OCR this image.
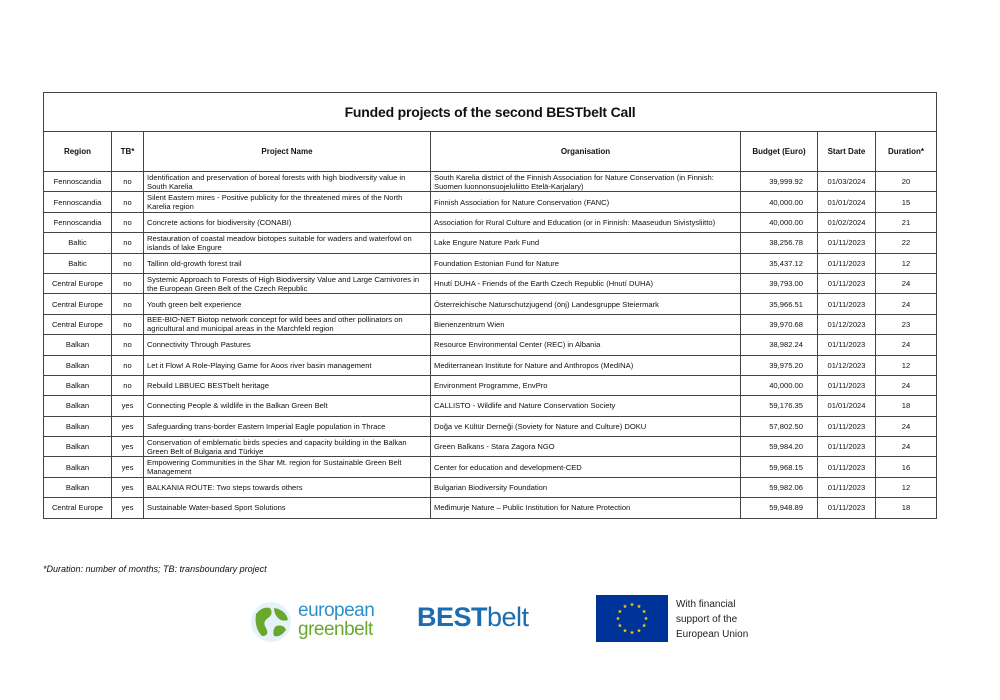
Funded projects of the second BESTbelt Call						
Region	TB*	Project Name	Organisation	Budget (Euro)	Start Date	Duration*
Fennoscandia	no	Identification and preservation of boreal forests with high biodiversity value in South Karelia	South Karelia district of the Finnish Association for Nature Conservation (in Finnish: Suomen luonnonsuojeluliitto Etelä-Karjalary)	39,999.92	01/03/2024	20
Fennoscandia	no	Silent Eastern mires - Positive publicity for the threatened mires of the North Karelia region	Finnish Association for Nature Conservation (FANC)	40,000.00	01/01/2024	15
Fennoscandia	no	Concrete actions for biodiversity (CONABI)	Association for Rural Culture and Education (or in Finnish: Maaseudun Sivistysliitto)	40,000.00	01/02/2024	21
Baltic	no	Restauration of coastal meadow biotopes suitable for waders and waterfowl on islands of lake Engure	Lake Engure Nature Park Fund	38,256.78	01/11/2023	22
Baltic	no	Tallinn old-growth forest trail	Foundation Estonian Fund for Nature	35,437.12	01/11/2023	12
Central Europe	no	Systemic Approach to Forests of High Biodiversity Value and Large Carnivores in the European Green Belt of the Czech Republic	Hnutí DUHA - Friends of the Earth Czech Republic (Hnutí DUHA)	39,793.00	01/11/2023	24
Central Europe	no	Youth green belt experience	Österreichische Naturschutzjugend (önj) Landesgruppe Steiermark	35,966.51	01/11/2023	24
Central Europe	no	BEE-BIO-NET Biotop network concept for wild bees and other pollinators on agricultural and municipal areas in the Marchfeld region	Bienenzentrum Wien	39,970.68	01/12/2023	23
Balkan	no	Connectivity Through Pastures	Resource Environmental Center (REC) in Albania	38,982.24	01/11/2023	24
Balkan	no	Let it Flow! A Role-Playing Game for Aoos river basin management	Mediterranean Institute for Nature and Anthropos (MedINA)	39,975.20	01/12/2023	12
Balkan	no	Rebuild LBBUEC BESTbelt heritage	Environment Programme, EnvPro	40,000.00	01/11/2023	24
Balkan	yes	Connecting People & wildlife in the Balkan Green Belt	CALLISTO - Wildlife and Nature Conservation Society	59,176.35	01/01/2024	18
Balkan	yes	Safeguarding trans-border Eastern Imperial Eagle population in Thrace	Doğa ve Kültür Derneği (Soviety for Nature and Culture) DOKU	57,802.50	01/11/2023	24
Balkan	yes	Conservation of emblematic birds species and capacity building in the Balkan Green Belt of Bulgaria and Türkiye	Green Balkans - Stara Zagora NGO	59,984.20	01/11/2023	24
Balkan	yes	Empowering Communities in the Shar Mt. region for Sustainable Green Belt Management	Center for education and development-CED	59,968.15	01/11/2023	16
Balkan	yes	BALKANIA ROUTE: Two steps towards others	Bulgarian Biodiversity Foundation	59,982.06	01/11/2023	12
Central Europe	yes	Sustainable Water-based Sport Solutions	Međimurje Nature – Public Institution for Nature Protection	59,948.89	01/11/2023	18
*Duration: number of months; TB: transboundary project
european
greenbelt BESTbelt	With financial
support of the
European Union
